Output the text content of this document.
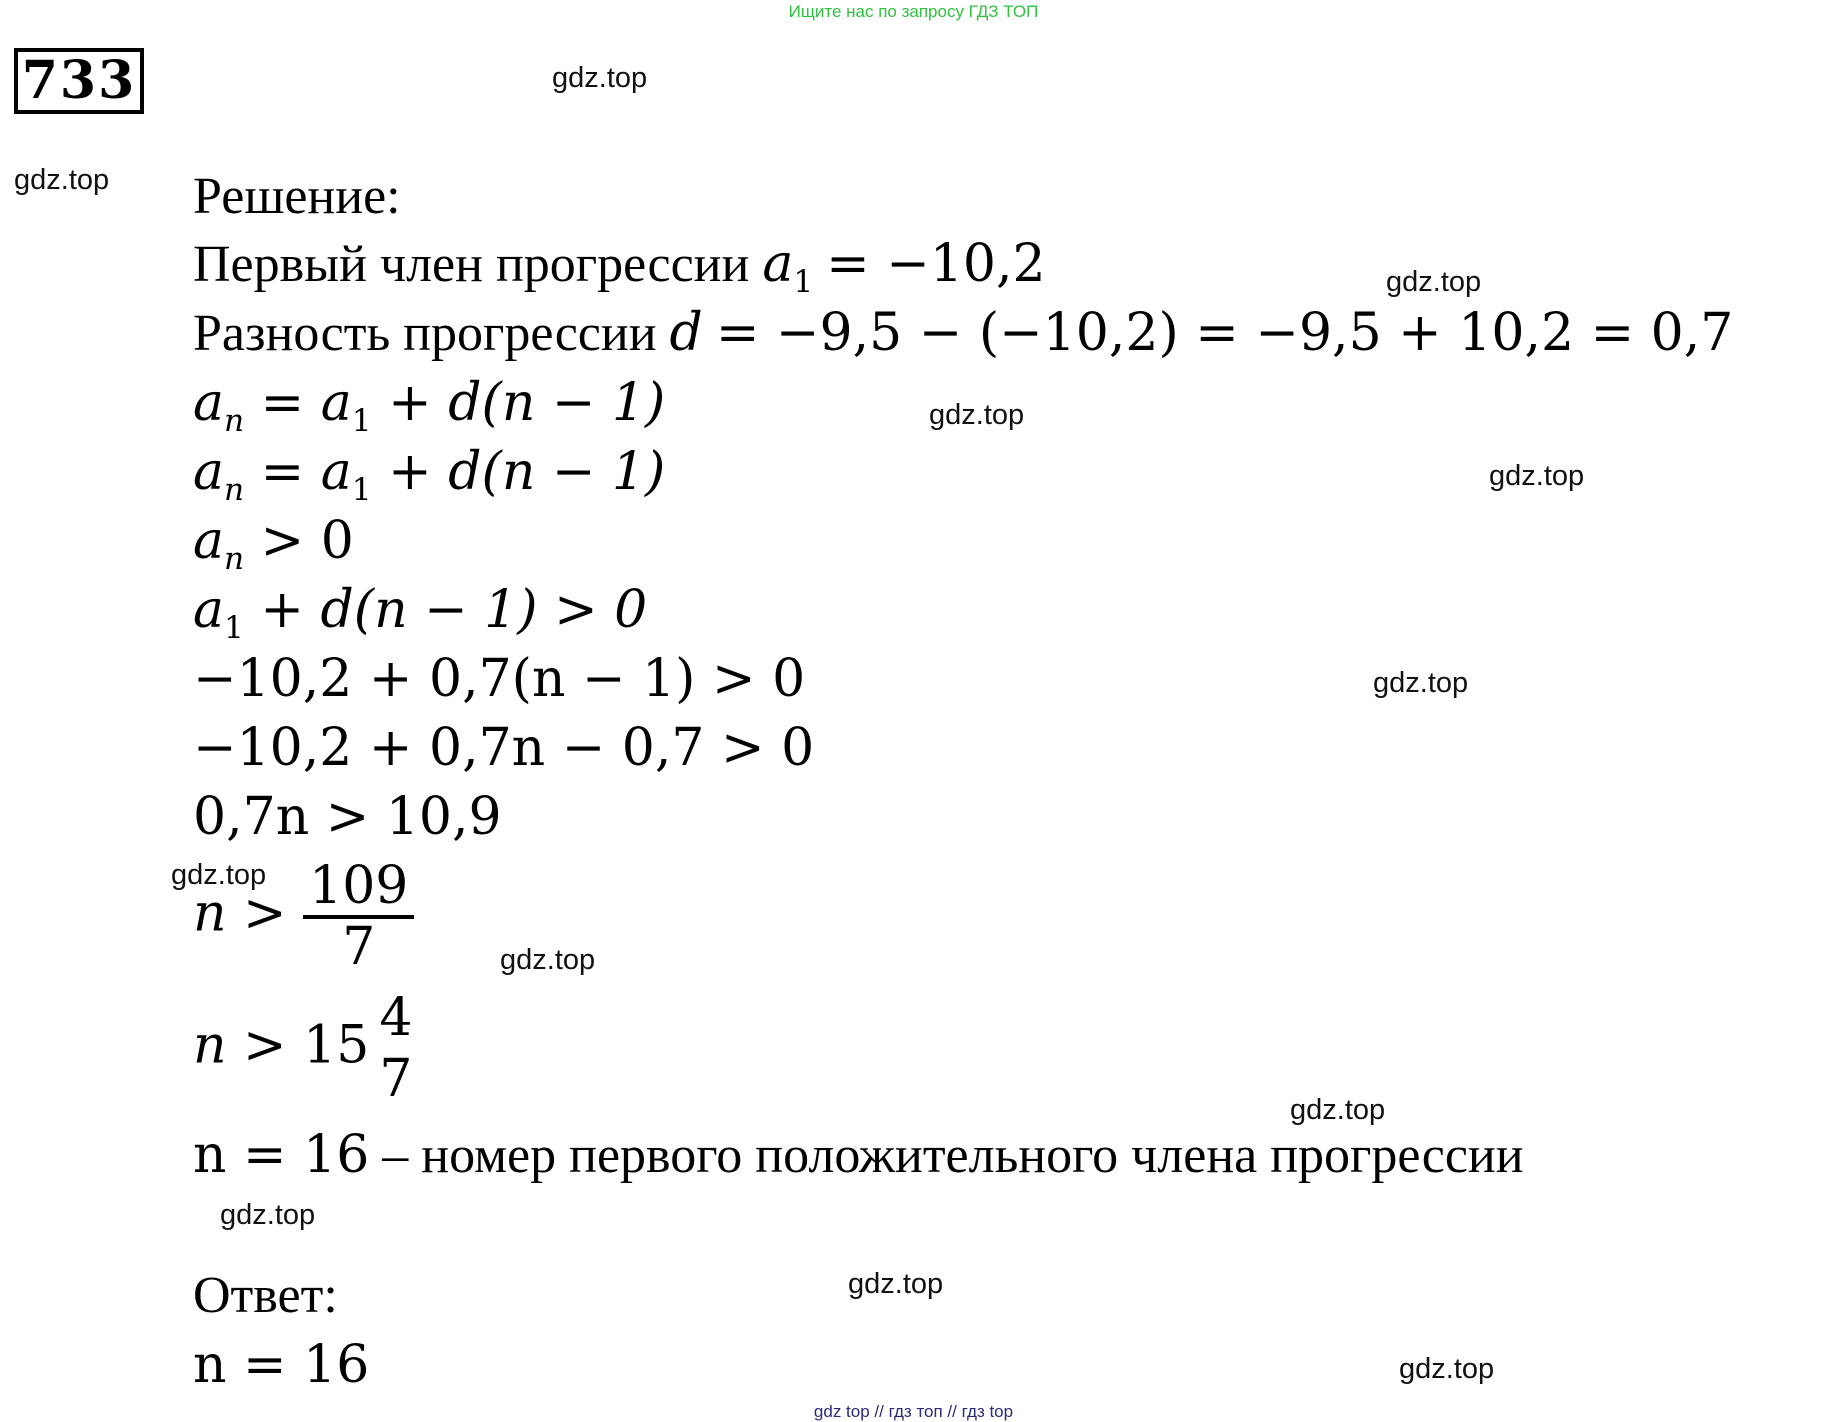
Ищите нас по запросу ГДЗ ТОП
733	gdz.top
gdz.top
gdz.top
gdz.top
gdz.top
gdz.top
gdz.top
gdz.top
gdz.top
gdz.top
gdz.top
gdz.top
Решение:
Первый член прогрессии $a_1 = -10,2$
Разность прогрессии d = −9,5 − (−10,2) = −9,5 + 10,2 = 0,7
$a_n = a_1 + d(n - 1)$
$a_n = a_1 + d(n - 1)$
$a_n > 0$
$a_1 + d(n - 1) > 0$
−10,2 + 0,7(n − 1) > 0
−10,2 + 0,7n − 0,7 > 0
0,7n > 10,9
$n > \frac{109}{7}$
n > 15 4
7
n = 16 – номер первого положительного члена прогрессии
Ответ:
n = 16
gdz top // гдз топ // гдз top
